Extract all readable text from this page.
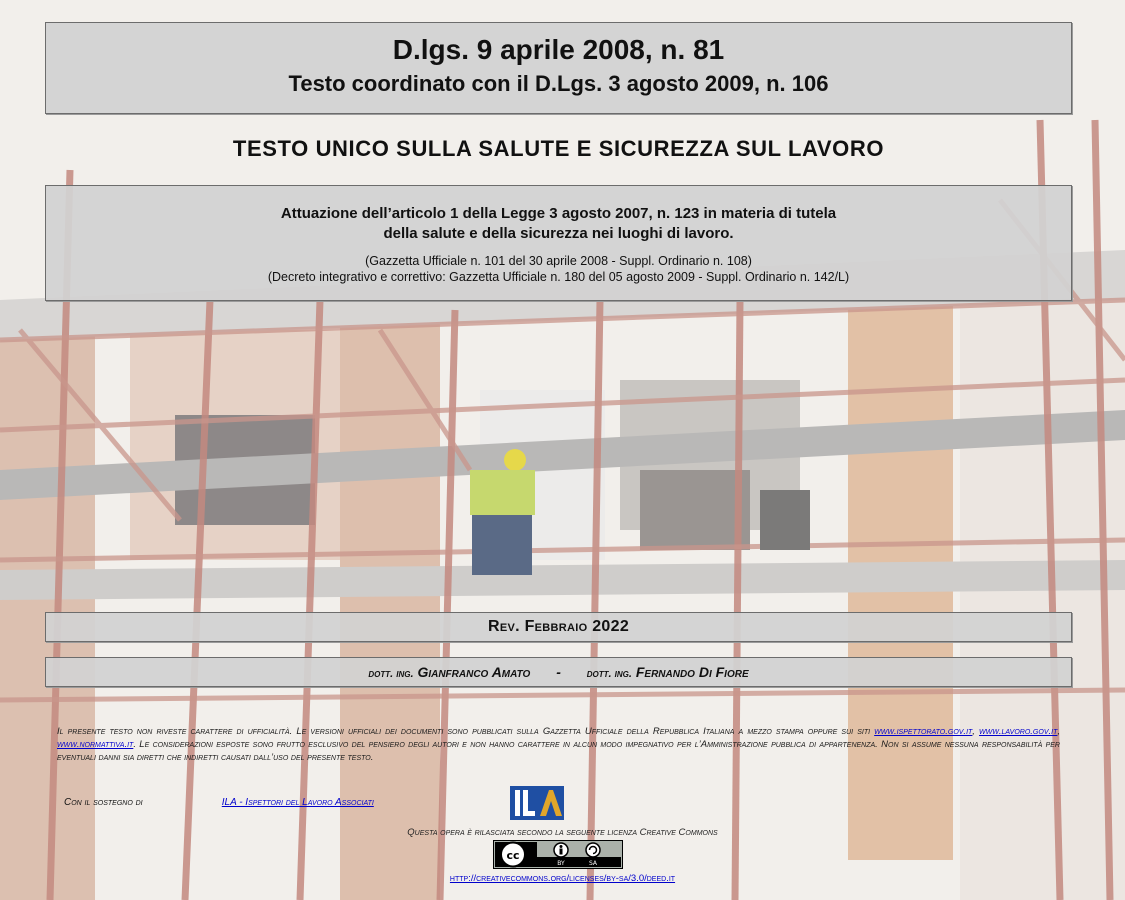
D.lgs. 9 aprile 2008, n. 81
Testo coordinato con il D.Lgs. 3 agosto 2009, n. 106
TESTO UNICO SULLA SALUTE E SICUREZZA SUL LAVORO
Attuazione dell’articolo 1 della Legge 3 agosto 2007, n. 123 in materia di tutela
della salute e della sicurezza nei luoghi di lavoro.
(Gazzetta Ufficiale n. 101 del 30 aprile 2008 - Suppl. Ordinario n. 108)
(Decreto integrativo e correttivo: Gazzetta Ufficiale n. 180 del 05 agosto 2009 - Suppl. Ordinario n. 142/L)
Rev. Febbraio 2022
dott. ing. Gianfranco Amato - dott. ing. Fernando Di Fiore
Il presente testo non riveste carattere di ufficialità. Le versioni ufficiali dei documenti sono pubblicati sulla Gazzetta Ufficiale della Repubblica Italiana a mezzo stampa oppure sui siti www.ispettorato.gov.it, www.lavoro.gov.it, www.normattiva.it. Le considerazioni esposte sono frutto esclusivo del pensiero degli autori e non hanno carattere in alcun modo impegnativo per l’Amministrazione pubblica di appartenenza. Non si assume nessuna responsabilità per eventuali danni sia diretti che indiretti causati dall’uso del presente testo.
Con il sostegno di	ILA - Ispettori del Lavoro Associati
Questa opera è rilasciata secondo la seguente licenza Creative Commons
cc
BY	SA
http://creativecommons.org/licenses/by-sa/3.0/deed.it
